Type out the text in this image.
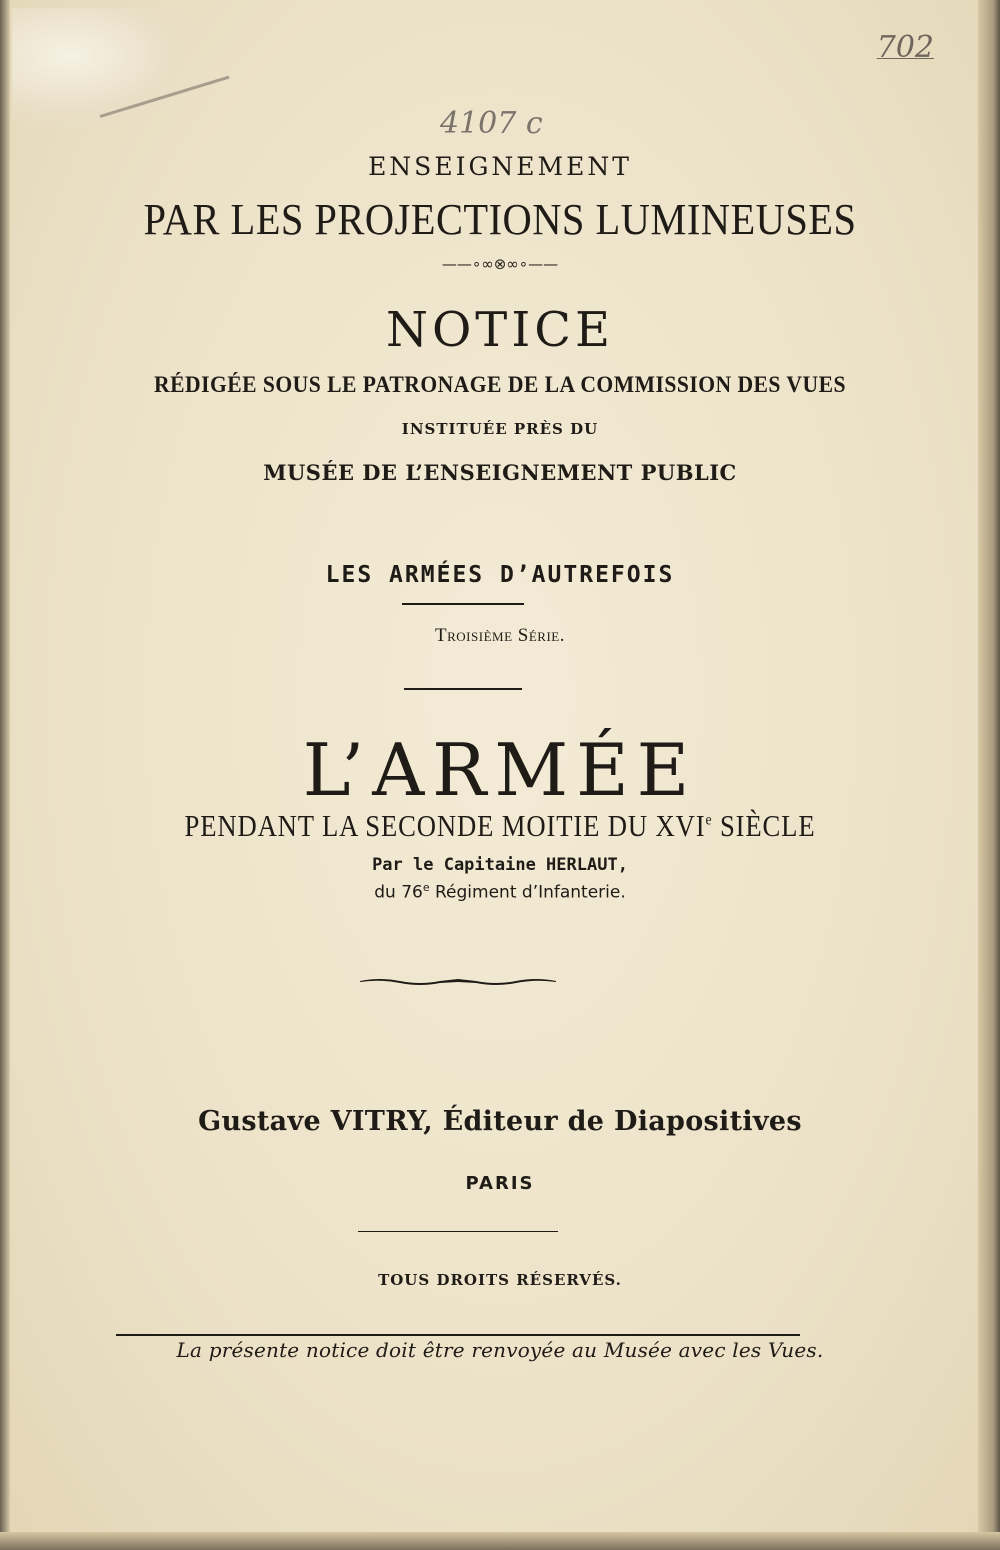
702
4107 c
ENSEIGNEMENT
PAR LES PROJECTIONS LUMINEUSES
——∘∞⊗∞∘——
NOTICE
RÉDIGÉE SOUS LE PATRONAGE DE LA COMMISSION DES VUES
INSTITUÉE PRÈS DU
MUSÉE DE L’ENSEIGNEMENT PUBLIC
LES ARMÉES D’AUTREFOIS
Troisième Série.
L’ARMÉE
PENDANT LA SECONDE MOITIE DU XVIe SIÈCLE
Par le Capitaine HERLAUT,
du 76e Régiment d’Infanterie.
Gustave VITRY, Éditeur de Diapositives
PARIS
TOUS DROITS RÉSERVÉS.
La présente notice doit être renvoyée au Musée avec les Vues.
